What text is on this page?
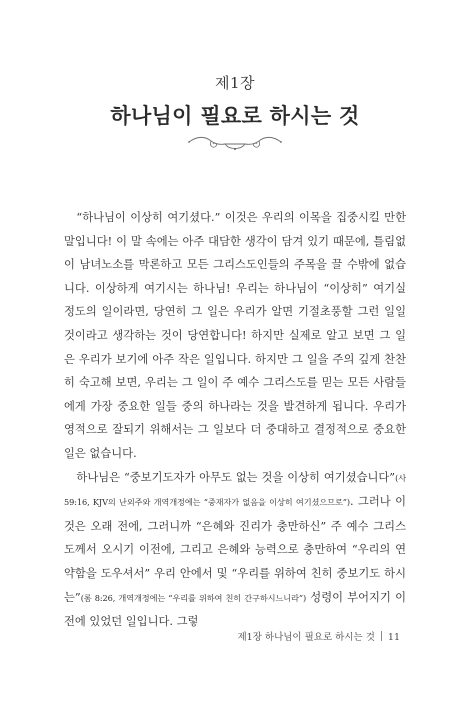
제1장
하나님이 필요로 하시는 것

“하나님이 이상히 여기셨다.” 이것은 우리의 이목을 집중시킬 만한 말입니다! 이 말 속에는 아주 대담한 생각이 담겨 있기 때문에, 틀림없이 남녀노소를 막론하고 모든 그리스도인들의 주목을 끌 수밖에 없습니다. 이상하게 여기시는 하나님! 우리는 하나님이 “이상히” 여기실 정도의 일이라면, 당연히 그 일은 우리가 알면 기절초풍할 그런 일일 것이라고 생각하는 것이 당연합니다! 하지만 실제로 알고 보면 그 일은 우리가 보기에 아주 작은 일입니다. 하지만 그 일을 주의 깊게 찬찬히 숙고해 보면, 우리는 그 일이 주 예수 그리스도를 믿는 모든 사람들에게 가장 중요한 일들 중의 하나라는 것을 발견하게 됩니다. 우리가 영적으로 잘되기 위해서는 그 일보다 더 중대하고 결정적으로 중요한 일은 없습니다.

하나님은 “중보기도자가 아무도 없는 것을 이상히 여기셨습니다”(사 59:16, KJV의 난외주와 개역개정에는 “중재자가 없음을 이상히 여기셨으므로”). 그러나 이것은 오래 전에, 그러니까 “은혜와 진리가 충만하신” 주 예수 그리스도께서 오시기 이전에, 그리고 은혜와 능력으로 충만하여 “우리의 연약함을 도우셔서” 우리 안에서 및 “우리를 위하여 친히 중보기도 하시는”(롬 8:26, 개역개정에는 “우리를 위하여 친히 간구하시느니라”) 성령이 부어지기 이전에 있었던 일입니다. 그렇

제1장 하나님이 필요로 하시는 것 11
